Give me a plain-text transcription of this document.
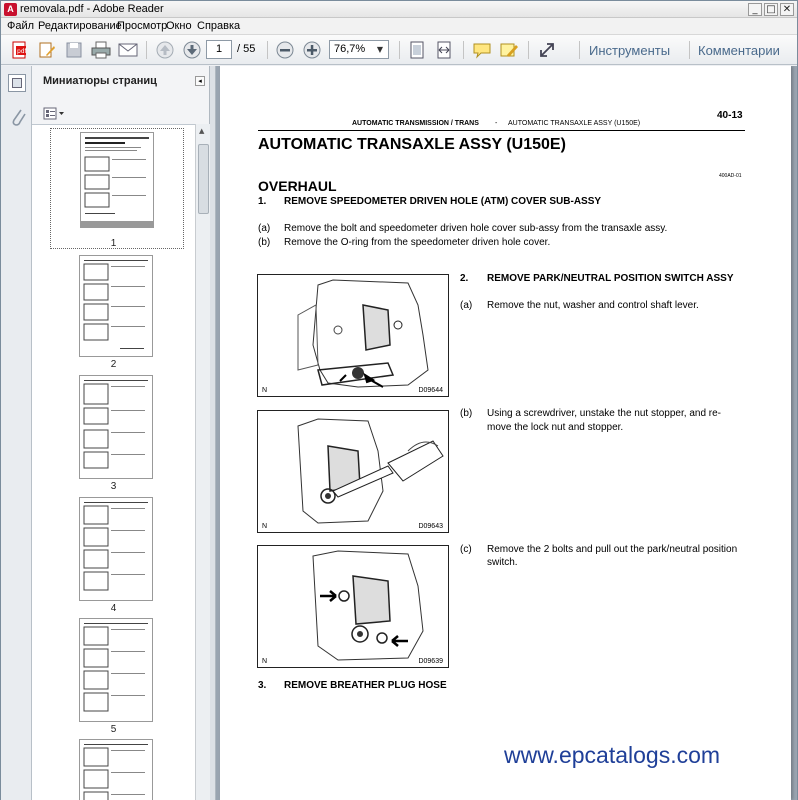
A removala.pdf - Adobe Reader	_ □ ✕
Файл Редактирование
Просмотр
Окно Справка
pdf	1	/ 55	76,7%	▼	Инструменты Комментарии
Миниатюры страниц	◂
1
2
3
4
5
▲
40-13
AUTOMATIC TRANSMISSION / TRANS - AUTOMATIC TRANSAXLE ASSY (U150E)
AUTOMATIC TRANSAXLE ASSY (U150E)
400AD-01
OVERHAUL
1. REMOVE SPEEDOMETER DRIVEN HOLE (ATM) COVER SUB-ASSY
(a) Remove the bolt and speedometer driven hole cover sub-assy from the transaxle assy.
(b) Remove the O-ring from the speedometer driven hole cover.
N	D09644
2. REMOVE PARK/NEUTRAL POSITION SWITCH ASSY
(a) Remove the nut, washer and control shaft lever.
N	D09643
(b) Using a screwdriver, unstake the nut stopper, and re-
move the lock nut and stopper.
N	D09639
(c) Remove the 2 bolts and pull out the park/neutral position
switch.
3. REMOVE BREATHER PLUG HOSE
www.epcatalogs.com
